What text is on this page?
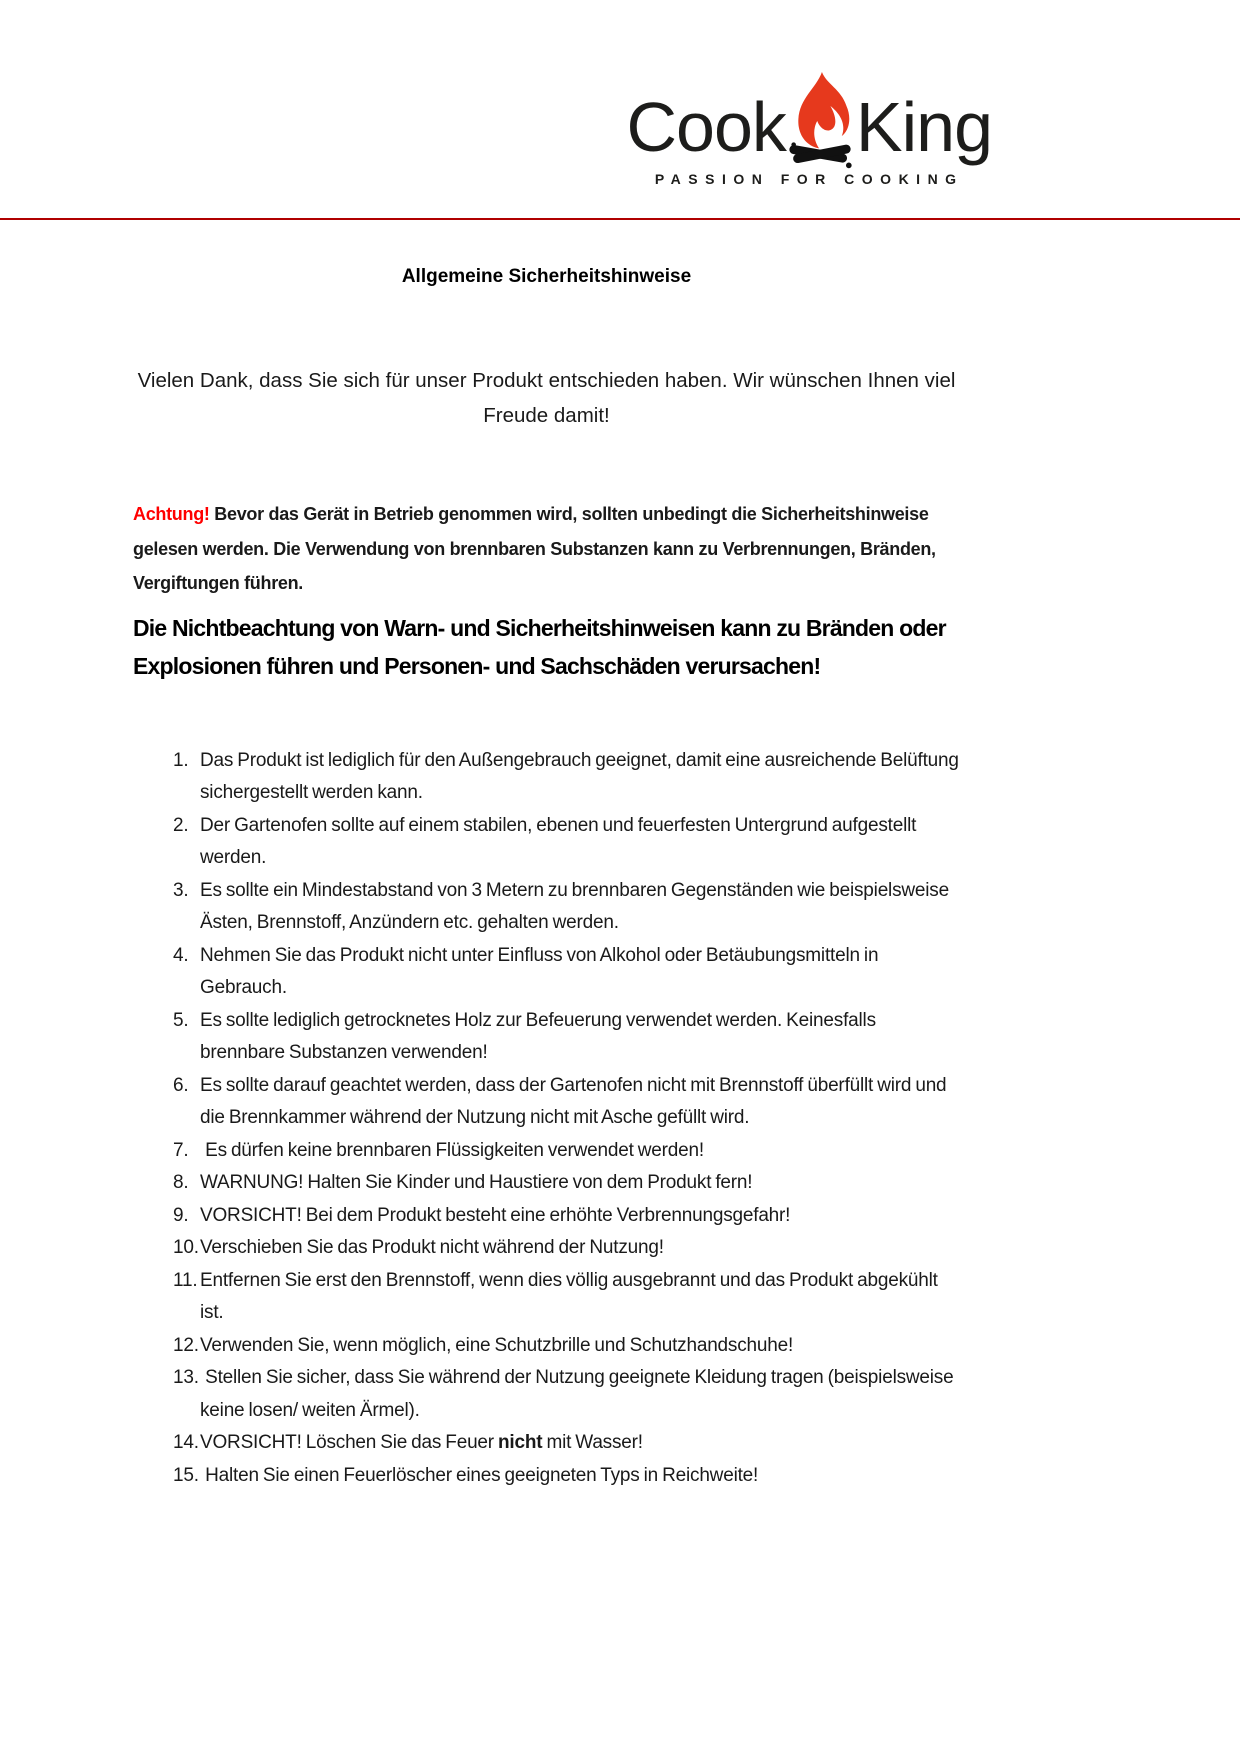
Cook King
PASSION FOR COOKING

Allgemeine Sicherheitshinweise

Vielen Dank, dass Sie sich für unser Produkt entschieden haben. Wir wünschen Ihnen viel Freude damit!

Achtung! Bevor das Gerät in Betrieb genommen wird, sollten unbedingt die Sicherheitshinweise gelesen werden. Die Verwendung von brennbaren Substanzen kann zu Verbrennungen, Bränden, Vergiftungen führen.

Die Nichtbeachtung von Warn- und Sicherheitshinweisen kann zu Bränden oder Explosionen führen und Personen- und Sachschäden verursachen!
1. Das Produkt ist lediglich für den Außengebrauch geeignet, damit eine ausreichende Belüftung sichergestellt werden kann.
2. Der Gartenofen sollte auf einem stabilen, ebenen und feuerfesten Untergrund aufgestellt werden.
3. Es sollte ein Mindestabstand von 3 Metern zu brennbaren Gegenständen wie beispielsweise Ästen, Brennstoff, Anzündern etc. gehalten werden.
4. Nehmen Sie das Produkt nicht unter Einfluss von Alkohol oder Betäubungsmitteln in Gebrauch.
5. Es sollte lediglich getrocknetes Holz zur Befeuerung verwendet werden. Keinesfalls brennbare Substanzen verwenden!
6. Es sollte darauf geachtet werden, dass der Gartenofen nicht mit Brennstoff überfüllt wird und die Brennkammer während der Nutzung nicht mit Asche gefüllt wird.
7. Es dürfen keine brennbaren Flüssigkeiten verwendet werden!
8. WARNUNG! Halten Sie Kinder und Haustiere von dem Produkt fern!
9. VORSICHT! Bei dem Produkt besteht eine erhöhte Verbrennungsgefahr!
10. Verschieben Sie das Produkt nicht während der Nutzung!
11. Entfernen Sie erst den Brennstoff, wenn dies völlig ausgebrannt und das Produkt abgekühlt ist.
12. Verwenden Sie, wenn möglich, eine Schutzbrille und Schutzhandschuhe!
13. Stellen Sie sicher, dass Sie während der Nutzung geeignete Kleidung tragen (beispielsweise keine losen/ weiten Ärmel).
14. VORSICHT! Löschen Sie das Feuer nicht mit Wasser!
15. Halten Sie einen Feuerlöscher eines geeigneten Typs in Reichweite!
